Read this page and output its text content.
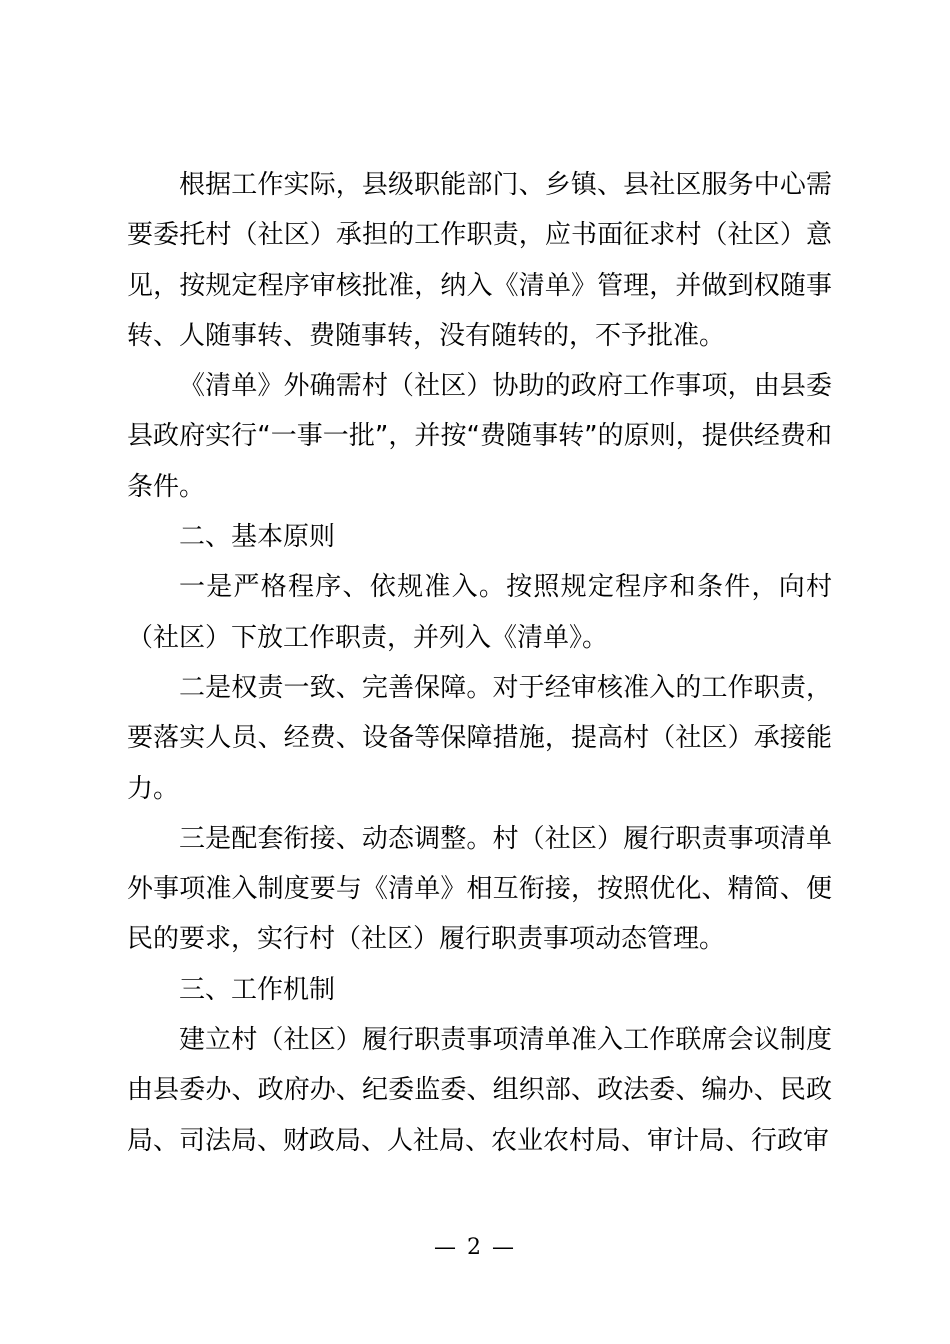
根据工作实际，县级职能部门、乡镇、县社区服务中心需要委托村（社区）承担的工作职责，应书面征求村（社区）意见，按规定程序审核批准，纳入《清单》管理，并做到权随事转、人随事转、费随事转，没有随转的，不予批准。

《清单》外确需村（社区）协助的政府工作事项，由县委县政府实行“一事一批”，并按“费随事转”的原则，提供经费和条件。

二、基本原则

一是严格程序、依规准入。按照规定程序和条件，向村（社区）下放工作职责，并列入《清单》。

二是权责一致、完善保障。对于经审核准入的工作职责，要落实人员、经费、设备等保障措施，提高村（社区）承接能力。

三是配套衔接、动态调整。村（社区）履行职责事项清单外事项准入制度要与《清单》相互衔接，按照优化、精简、便民的要求，实行村（社区）履行职责事项动态管理。

三、工作机制

建立村（社区）履行职责事项清单准入工作联席会议制度由县委办、政府办、纪委监委、组织部、政法委、编办、民政局、司法局、财政局、人社局、农业农村局、审计局、行政审

— 2 —
